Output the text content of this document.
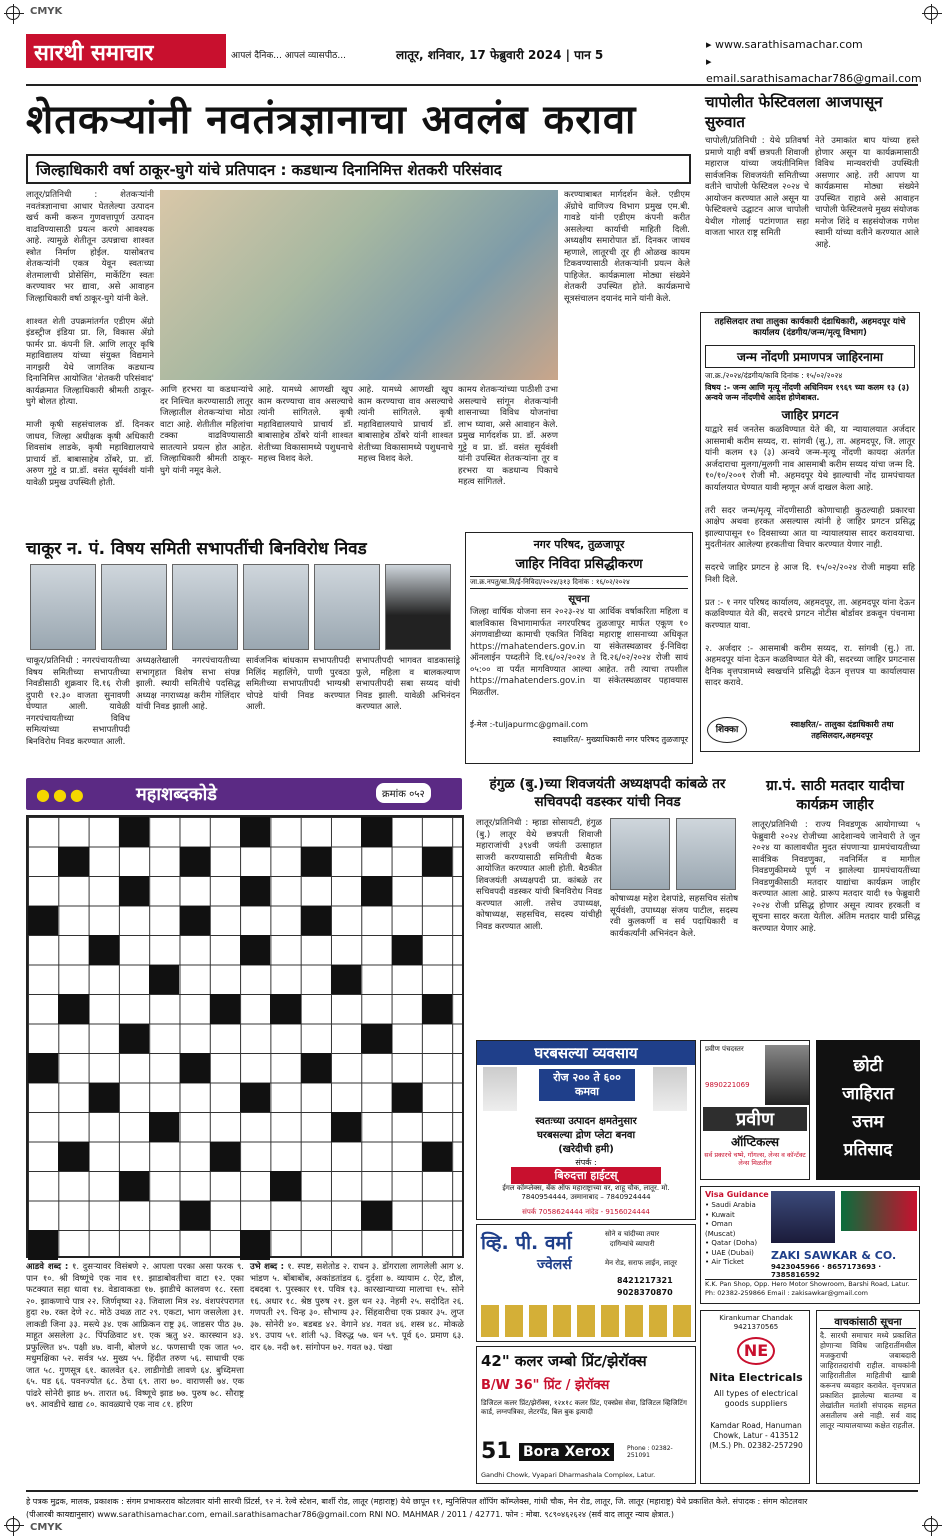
CMYK
CMYK
सारथी समाचार	आपलं दैनिक... आपलं व्यासपीठ...	लातूर, शनिवार, 17 फेब्रुवारी 2024 | पान 5
▸ www.sarathisamachar.com
▸ email.sarathisamachar786@gmail.com
शेतकऱ्यांनी नवतंत्रज्ञानाचा अवलंब करावा
जिल्हाधिकारी वर्षा ठाकूर-घुगे यांचे प्रतिपादन : कडधान्य दिनानिमित्त शेतकरी परिसंवाद
लातूर/प्रतिनिधी : शेतकऱ्यांनी नवतंत्रज्ञानाचा आधार घेतलेल्या उत्पादन खर्च कमी करून गुणवत्तापूर्ण उत्पादन वाढविण्यासाठी प्रयत्न करणे आवश्यक आहे. त्यामुळे शेतीतून उत्पन्नाचा शाश्वत स्त्रोत निर्माण होईल. यासोबतच शेतकऱ्यांनी एकत्र येवून स्वतःच्या शेतमालाची प्रोसेसिंग, मार्केटिंग स्वतः करण्यावर भर द्यावा, असे आवाहन जिल्हाधिकारी वर्षा ठाकूर-घुगे यांनी केले.

शाश्वत शेती उपक्रमांतर्गत एडीएम ॲग्रो इंडस्ट्रीज इंडिया प्रा. लि, विकास ॲग्रो फार्मर प्रा. कंपनी लि. आणि लातूर कृषि महाविद्यालय यांच्या संयुक्त विद्यमाने नागझरी येथे जागतिक कडधान्य दिनानिमित्त आयोजित 'शेतकरी परिसंवाद' कार्यक्रमात जिल्हाधिकारी श्रीमती ठाकूर-घुगे बोलत होत्या.

माजी कृषी सहसंचालक डॉ. दिनकर जाधव, जिल्हा अधीक्षक कृषी अधिकारी शिवसांब लाडके, कृषी महाविद्यालयाचे प्राचार्य डॉ. बाबासाहेब ठोंबरे, प्रा. डॉ. अरुण गुट्टे व प्रा.डॉ. वसंत सूर्यवंशी यांनी यावेळी प्रमुख उपस्थिती होती.
आणि हरभरा या कडधान्यांचे दर निश्चित करण्यासाठी लातूर जिल्हातील शेतकऱ्यांचा मोठा वाटा आहे. शेतीतील महिलांचा टक्का वाढविण्यासाठी सातत्याने प्रयत्न होत आहेत. जिल्हाधिकारी श्रीमती ठाकूर-घुगे यांनी नमूद केले.
आहे. यामध्ये आणखी खूप काम करण्याचा वाव असल्याचे त्यांनी सांगितले. कृषी महाविद्यालयाचे प्राचार्य डॉ. बाबासाहेब ठोंबरे यांनी शाश्वत शेतीच्या विकासामध्ये पशुधनाचे महत्त्व विशद केले.
आहे. यामध्ये आणखी खूप काम करण्याचा वाव असल्याचे त्यांनी सांगितले. कृषी महाविद्यालयाचे प्राचार्य डॉ. बाबासाहेब ठोंबरे यांनी शाश्वत शेतीच्या विकासामध्ये पशुधनाचे महत्त्व विशद केले.
कामय शेतकऱ्यांच्या पाठीशी उभा असल्याचे सांगून शेतकऱ्यांनी शासनाच्या विविध योजनांचा लाभ घ्यावा, असे आवाहन केले. प्रमुख मार्गदर्शक प्रा. डॉ. अरुण गुट्टे व प्रा. डॉ. वसंत सूर्यवंशी यांनी उपस्थित शेतकऱ्यांना तूर व हरभरा या कडधान्य पिकाचे महत्व सांगितले.
करण्याबाबत मार्गदर्शन केले. एडीएम ॲग्रोचे वाणिज्य विभाग प्रमुख एम.बी. गावडे यांनी एडीएम कंपनी करीत असलेल्या कार्याची माहिती दिली. अध्यक्षीय समारोपात डॉ. दिनकर जाधव म्हणाले, लातूरची तूर ही ओळख कायम टिकवण्यासाठी शेतकऱ्यांनी प्रयत्न केले पाहिजेत. कार्यक्रमाला मोठ्या संख्येने शेतकरी उपस्थित होते. कार्यक्रमाचे सूत्रसंचालन दयानंद माने यांनी केले.
चापोलीत फेस्टिवलला आजपासून सुरुवात
चापोली/प्रतिनिधी : येथे प्रतिवर्षा प्रमाणे याही वर्षी छत्रपती शिवाजी महाराज यांच्या जयंतीनिमित्त सार्वजनिक शिवजयंती समितीच्या वतीने चापोली फेस्टिवल २०२४ चे आयोजन करण्यात आले असून या फेस्टिवलचे उद्घाटन आज चापोली येथील गोलाई पटांगणात सहा वाजता भारत राष्ट्र समिती
नेते उमाकांत बाप यांच्या हस्ते होणार असून या कार्यक्रमासाठी विविध मान्यवरांची उपस्थिती असणार आहे. तरी आपण या कार्यक्रमास मोठ्या संख्येने उपस्थित राहावे असे आवाहन चापोली फेस्टिवलचे मुख्य संयोजक मनोज शिंदे व सहसंयोजक गणेश स्वामी यांच्या वतीने करण्यात आले आहे.
तहसिलदार तथा तालुका कार्यकारी दंडाधिकारी, अहमदपूर यांचे कार्यालय (दंडगीय/जन्म/मृत्यू विभाग)
जन्म नोंदणी प्रमाणपत्र जाहिरनामा
जा.क्र./२०२४/दंडगीय/कावि दिनांक : १५/०२/२०२४
विषय :- जन्म आणि मृत्यू नोंदणी अधिनियम १९६९ च्या कलम १३ (३) अन्वये जन्म नोंदणीचे आदेश होणेबाबत.
जाहिर प्रगटन
याद्वारे सर्व जनतेस कळविण्यात येते की, या न्यायालयात अर्जदार आसमाबी करीम सय्यद, रा. सांगवी (सु.), ता. अहमदपूर, जि. लातूर यांनी कलम १३ (३) अन्वये जन्म-मृत्यू नोंदणी कायदा अंतर्गत अर्जदाराचा मुलगा/मुलगी नाव आसमाबी करीम सय्यद यांचा जन्म दि. १०/१०/२००१ रोजी मौ. अहमदपूर येथे झाल्याची नोंद ग्रामपंचायत कार्यालयात घेण्यात यावी म्हणून अर्ज दाखल केला आहे.

तरी सदर जन्म/मृत्यू नोंदणीसाठी कोणाचाही कुठल्याही प्रकारचा आक्षेप अथवा हरकत असल्यास त्यांनी हे जाहिर प्रगटन प्रसिद्ध झाल्यापासून १० दिवसाच्या आत या न्यायालयास सादर करावयाचा. मुदतीनंतर आलेल्या हरकतीचा विचार करण्यात येणार नाही.

सदरचे जाहिर प्रगटन हे आज दि. १५/०२/२०२४ रोजी माझ्या सहि निशी दिले.

प्रत :- १ नगर परिषद कार्यालय, अहमदपूर, ता. अहमदपूर यांना देऊन कळविण्यात येते की, सदरचे प्रगटन नोटीस बोर्डावर डकवून पंचनामा करण्यात यावा.

२. अर्जदार :- आसमाबी करीम सय्यद, रा. सांगवी (सु.) ता. अहमदपूर यांना देऊन कळविण्यात येते की, सदरच्या जाहिर प्रगटनास दैनिक वृत्तपत्रामध्ये स्वखर्चाने प्रसिद्धी देऊन वृत्तपत्र या कार्यालयास सादर करावे.
शिक्का
स्वाक्षरित/- तालुका दंडाधिकारी तथा तहसिलदार,अहमदपूर
चाकूर न. पं. विषय समिती सभापतींची बिनविरोध निवड
चाकूर/प्रतिनिधी : नगरपंचायतीच्या विषय समितीच्या सभापतीच्या निवडीसाठी शुक्रवार दि.१६ रोजी दुपारी १२.३० वाजता सुनावणी घेण्यात आली. यावेळी नगरपंचायतीच्या विविध समित्यांच्या सभापतीपदी बिनविरोध निवड करण्यात आली.
अध्यक्षतेखाली नगरपंचायतीच्या सभागृहात विशेष सभा संपन्न झाली. स्थायी समितीचे पदसिद्ध अध्यक्ष नगराध्यक्ष करीम गोलिंदार यांची निवड झाली आहे.
सार्वजनिक बांधकाम सभापतीपदी मिलिंद महालिंगे, पाणी पुरवठा समितीच्या सभापतीपदी भाग्यश्री चोपडे यांची निवड करण्यात आली.
सभापतीपदी भागवत वाडकासांड्रे फुले, महिला व बालकल्याण सभापतीपदी सबा सय्यद यांची निवड झाली. यावेळी अभिनंदन करण्यात आले.
नगर परिषद, तुळजापूर
जाहिर निविदा प्रसिद्धीकरण
जा.क्र.नपतु/बा.वि/ई-निविदा/२०२४/३१३ दिनांक : १६/०२/२०२४
सूचना
जिल्हा वार्षिक योजना सन २०२३-२४ या आर्थिक वर्षाकरिता महिला व बालविकास विभागामार्फत नगरपरिषद तुळजापूर मार्फत एकूण १० अंगणवाडीच्या कामाची एकत्रित निविदा महाराष्ट्र शासनाच्या अधिकृत https://mahatenders.gov.in या संकेतस्थळावर ई-निविदा ऑनलाईन पध्दतीने दि.१६/०२/२०२४ ते दि.२६/०२/२०२४ रोजी सायं ०५:०० वा पर्यंत मागविण्यात आल्या आहेत. तरी त्याचा तपशील https://mahatenders.gov.in या संकेतस्थळावर पहावयास मिळतील.
ई-मेल :-tuljapurmc@gmail.com
स्वाक्षरित/- मुख्याधिकारी नगर परिषद तुळजापूर
●●●	महाशब्दकोडे	क्रमांक ०५२
आडवे शब्द : १. दुसऱ्यावर विसंबणे २. आपला परका असा फरक ९. पान १०. श्री विष्णूंचे एक नाव ११. झाडाबोवतीचा वाटा १२. एका फटक्यात सहा धावा १४. वेडावाकडा १७. झाडीचे कालवण १८. रस्ता २०. झाकणाचे पात्र २२. जिर्णवृष्या २३. जिवाला मित्र २४. वंशपरंपरागत हुदा २७. रक्त देणे २८. मोठे उथळ ताट २९. एकटा, भाग जसलेला ३१. लाकडी जिना ३३. मस्त्ये ३४. एक आफ्रिकन राष्ट्र ३६. जाडसर पीठ ३७. माहूत असलेला ३८. पिंपळिवाट ४१. एक ऋतु ४२. कारस्थान ४३. प्रफुल्लित ४५. पक्षी ४७. वानी, बोलणे ४८. फणसाची एक जात ५०. मधुमक्षिका ५२. सर्वत्र ५४. मुख्य ५५. हिंदीत तरुण ५६. साधाची एक जात ५८. गुणसूत्र ६१. कालवेत ६२. लाडीगोडी लावणे ६४. बुध्दिमत्ता ६५. घड ६६. पवनज्योत ६८. ठेचा ६९. तारा ७०. वाराणसी ७४. एक पांढरे सोनेरी झाड ७५. तारात ७६. विष्णूचे झाड ७७. पुरुष ७८. सौराष्ट्र ७९. आवडीचे खाद्य ८०. कावळ्याचे एक नाव ८१. हरिण
उभे शब्द : १. स्पष्ट, सशेतोड २. राधन ३. डोंगराला लागलेली आग ४. भांडण ५. बोंबाबोंब, अकांडतांडव ६. दुर्दशा ७. व्यायाम ८. ऐट, डौल, दबदबा ९. पुरस्कार ११. पवित्र १३. कारखान्याच्या मालाचा १५. सोने १६. अधार १८. श्रेष्ठ पुरुष २१. ठ्ठल धन २३. नेहमी २५. सदोदित २६. गणपती २९. चिन्ह ३०. सौभाग्य ३२. सिंहवारीचा एक प्रकार ३५. लुप्त ३७. सोनेरी ४०. बडबड ४२. वेगाने ४४. गवत ४६. शस्त्र ४८. मोकळे ४९. उपाय ५१. शांती ५३. विरुद्ध ५७. धन ५९. पूर्व ६०. प्रमाण ६३. दार ६७. नदी ७१. सांगोपन ७२. गवत ७३. पंखा
हंगुळ (बु.)च्या शिवजयंती अध्यक्षपदी कांबळे तर सचिवपदी वडस्कर यांची निवड
लातूर/प्रतिनिधी : म्हाडा सोसायटी, हंगुळ (बु.) लातूर येथे छत्रपती शिवाजी महाराजांची ३९४वी जयंती उत्साहात साजरी करण्यासाठी समितीची बैठक आयोजित करण्यात आली होती. बैठकीत शिवजयंती अध्यक्षपदी प्रा. कांबळे तर सचिवपदी वडस्कर यांची बिनविरोध निवड करण्यात आली. तसेच उपाध्यक्ष, कोषाध्यक्ष, सहसचिव, सदस्य यांचीही निवड करण्यात आली.
कोषाध्यक्ष महेश देशपांडे, सहसचिव संतोष सूर्यवंशी, उपाध्यक्ष संजय पाटील, सदस्य रवी कुलकर्णी व सर्व पदाधिकारी व कार्यकर्त्यांनी अभिनंदन केले.
ग्रा.पं. साठी मतदार यादीचा कार्यक्रम जाहीर
लातूर/प्रतिनिधी : राज्य निवडणूक आयोगाच्या ५ फेब्रुवारी २०२४ रोजीच्या आदेशान्वये जानेवारी ते जून २०२४ या कालावधीत मुदत संपणाऱ्या ग्रामपंचायतीच्या सार्वत्रिक निवडणुका, नवनिर्मित व मागील निवडणुकीमध्ये पूर्ण न झालेल्या ग्रामपंचायतींच्या निवडणुकीसाठी मतदार याद्यांचा कार्यक्रम जाहीर करण्यात आला आहे. प्रारूप मतदार यादी १७ फेब्रुवारी २०२४ रोजी प्रसिद्ध होणार असून त्यावर हरकती व सूचना सादर करता येतील. अंतिम मतदार यादी प्रसिद्ध करण्यात येणार आहे.
घरबसल्या व्यवसाय
रोज २०० ते ६०० कमवा
स्वतःच्या उत्पादन क्षमतेनुसार
घरबसल्या द्रोण प्लेटा बनवा
(खरेदीची हमी)
संपर्क :
बिरुदत्ता हाईटस्
ईगल कॉम्प्लेक्स, बँक ऑफ महाराष्ट्राच्या वर, शाहू चौक, लातूर. मो. 7840954444, उस्मानाबाद – 7840924444
संपर्क 7058624444 नांदेड - 9156024444
प्रवीण पंचदस्तर
9890221069
प्रवीण
ऑप्टिकल्स
सर्व प्रकारचे चष्मे, गॉगल्स, लेन्स व कॉन्टॅक्ट लेन्स मिळतील
छोटी
जाहिरात
उत्तम
प्रतिसाद
Visa Guidance
• Saudi Arabia
• Kuwait
• Oman (Muscat)
• Qatar (Doha)
• UAE (Dubai)
• Air Ticket	ZAKI SAWKAR & CO.
9423045966 · 8657173693 · 7385816592
K.K. Pan Shop, Opp. Hero Motor Showroom, Barshi Road, Latur.
Ph: 02382-259866 Email : zakisawkar@gmail.com
व्हि. पी. वर्मा
ज्वेलर्स
सोने व चांदीच्या तयार
दागिन्यांचे व्यापारी
मेन रोड, सराफ लाईन, लातूर
8421217321
9028370870
42" कलर जम्बो प्रिंट/झेरॉक्स
B/W 36" प्रिंट / झेरॉक्स
डिजिटल कलर प्रिंट/झेरॉक्स, १२x१८ कलर प्रिंट, एक्स्प्रेस सेवा, डिजिटल व्हिजिटिंग कार्ड, लग्नपत्रिका, लेटरपॅड, बिल बुक इत्यादी
51 Bora Xerox	Phone : 02382-251091
Gandhi Chowk, Vyapari Dharmashala Complex, Latur.
Kirankumar Chandak
9421370565
NE
Nita Electricals
All types of electrical goods suppliers
Kamdar Road, Hanuman Chowk, Latur - 413512 (M.S.) Ph. 02382-257290
वाचकांसाठी सूचना
दै. सारथी समाचार मध्ये प्रकाशित होणाऱ्या विविध जाहिरातींमधील मजकुराची जबाबदारी जाहिरातदारांची राहील. वाचकांनी जाहिरातीतील माहितीची खात्री करूनच व्यवहार करावेत. वृत्तपत्रात प्रकाशित झालेल्या बातम्या व लेखांतील मतांशी संपादक सहमत असतीलच असे नाही. सर्व वाद लातूर न्यायालयाच्या कक्षेत राहतील.
हे पत्रक मुद्रक, मालक, प्रकाशक : संगम प्रभाकरराव कोटलवार यांनी सारथी प्रिंटर्स, ९२ नं. रेल्वे स्टेशन, बार्शी रोड, लातूर (महाराष्ट्र) येथे छापून ११, म्युनिसिपल शॉपिंग कॉम्प्लेक्स, गांधी चौक, मेन रोड, लातूर, जि. लातूर (महाराष्ट्र) येथे प्रकाशित केले. संपादक : संगम कोटलवार
(पीआरबी कायद्यानुसार) www.sarathisamachar.com, email.sarathisamachar786@gmail.com RNI NO. MAHMAR / 2011 / 42771. फोन : मोबा. ९८९०४६२६२४ (सर्व वाद लातूर न्याय क्षेत्रात.)
